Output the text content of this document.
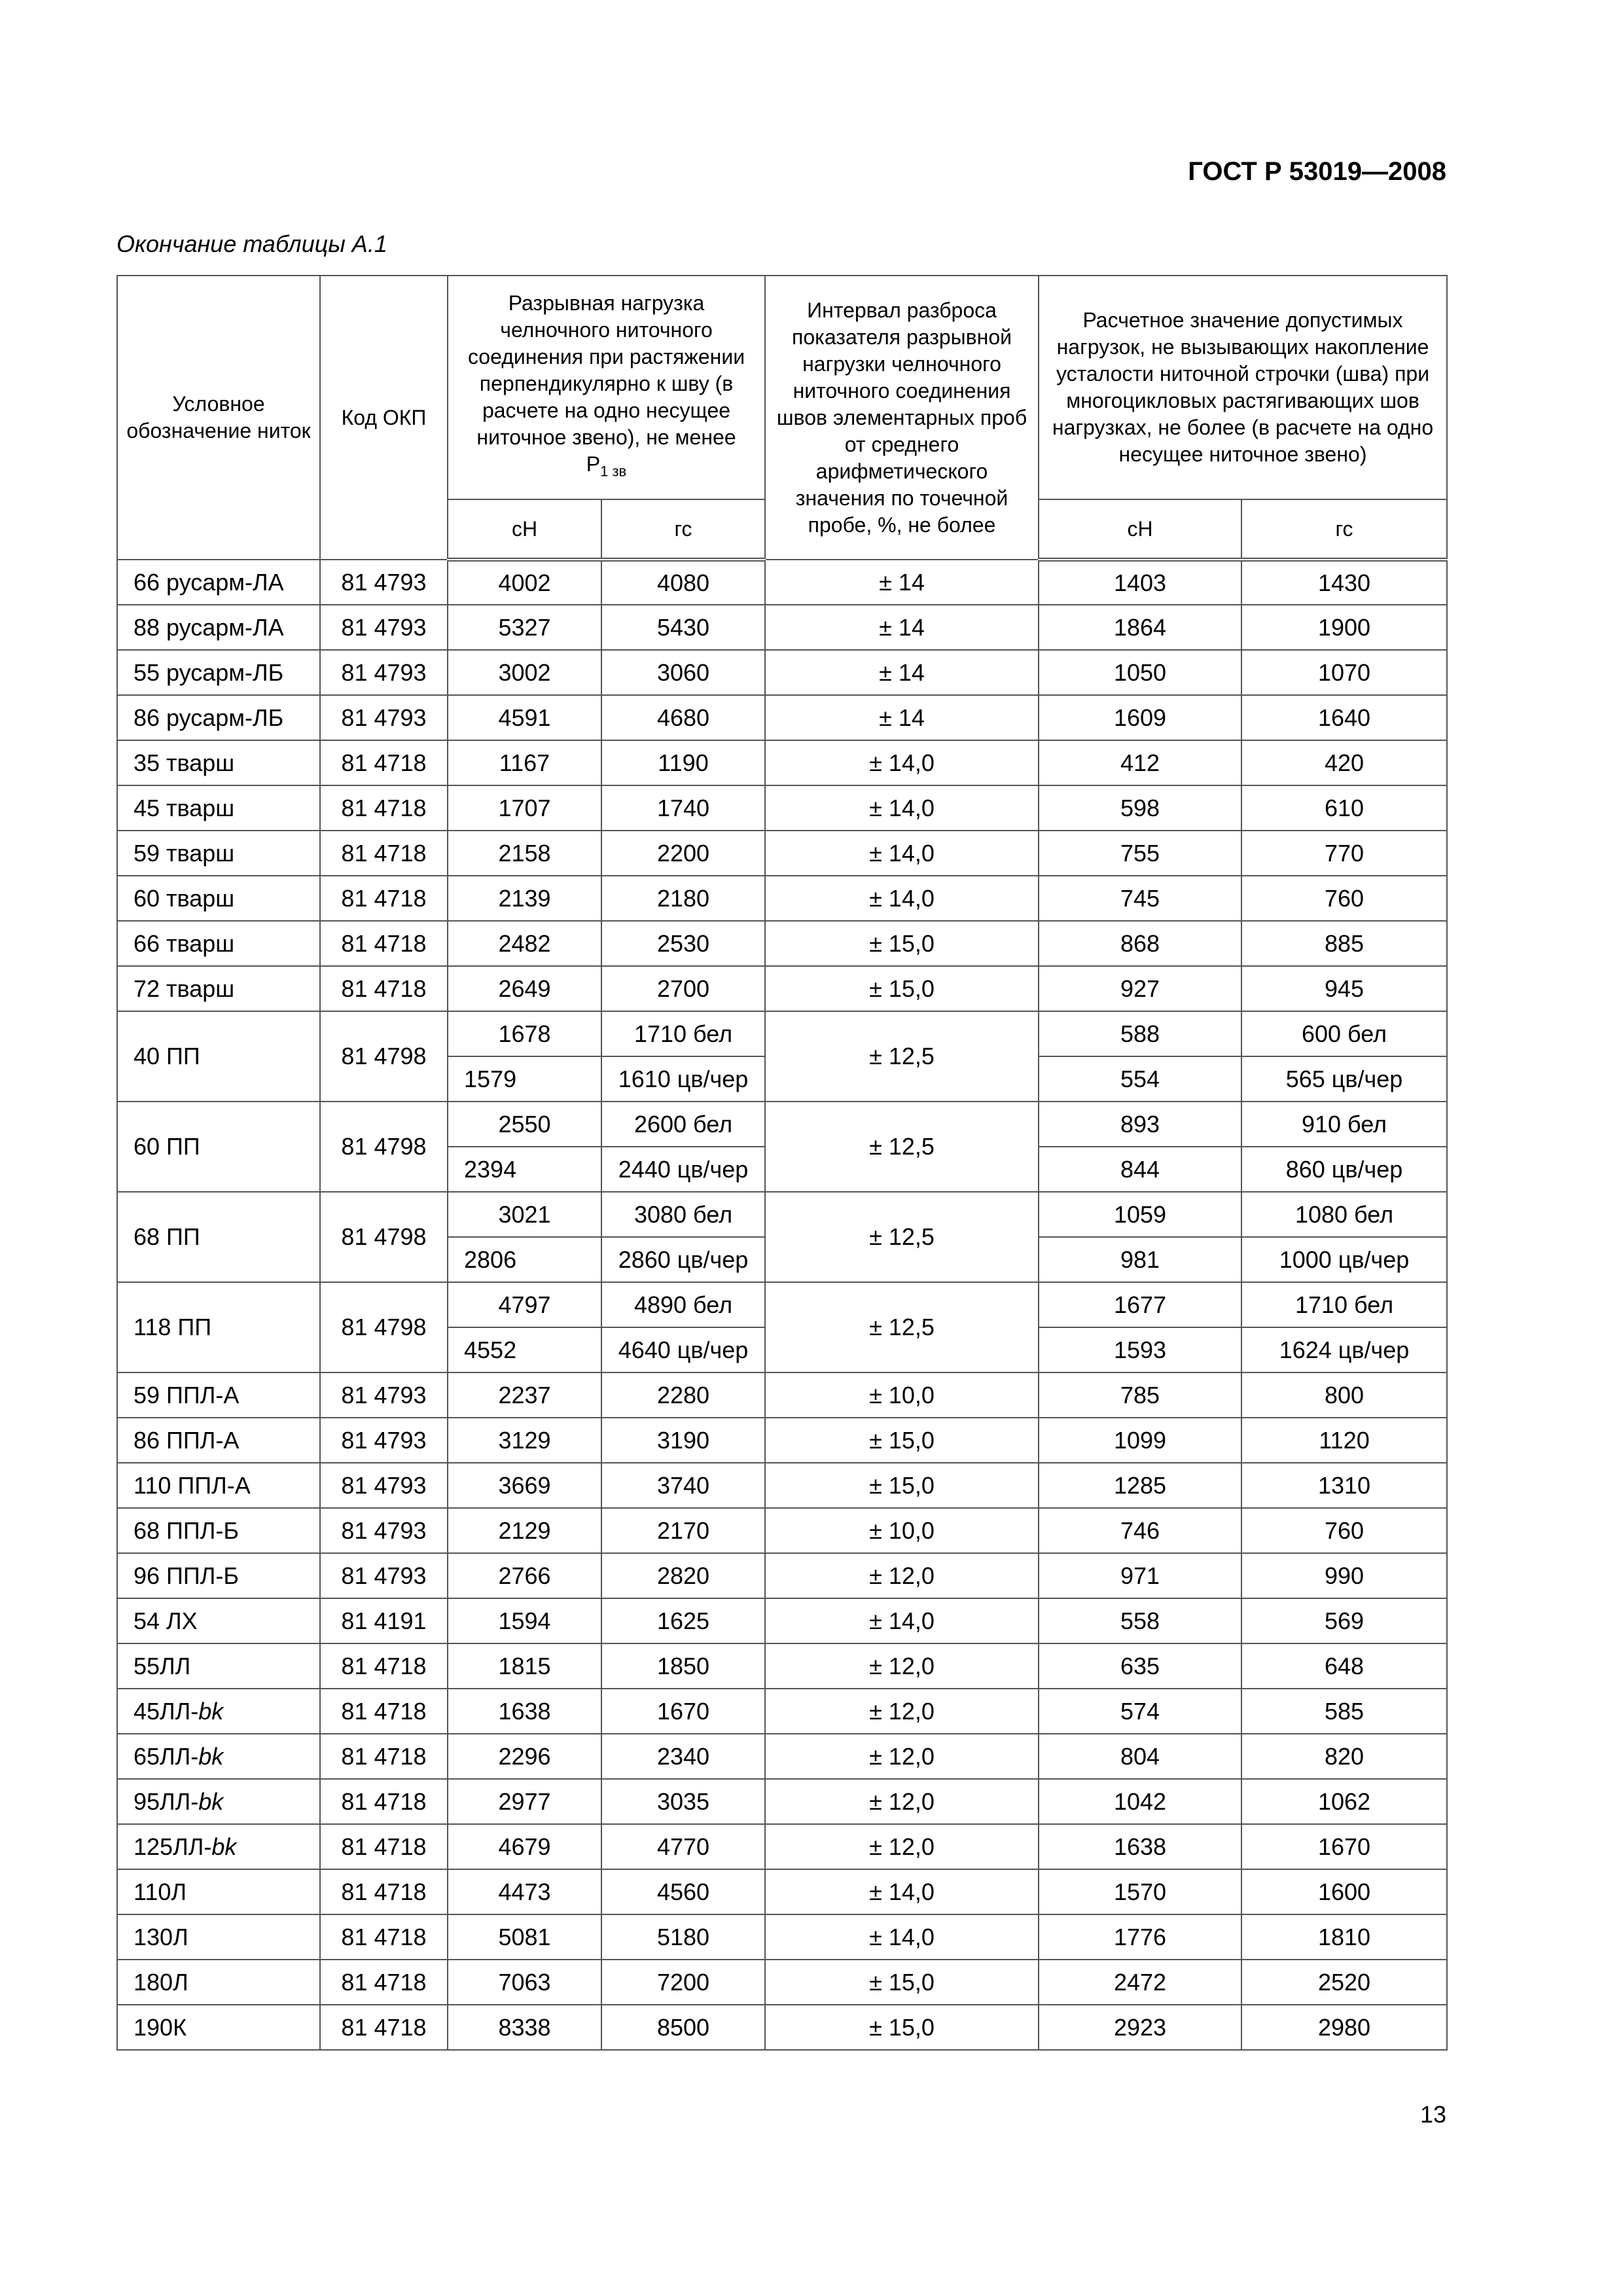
ГОСТ Р 53019—2008
Окончание таблицы А.1
Условное обозначение ниток	Код ОКП	Разрывная нагрузка челночного ниточного соединения при растяжении перпендикулярно к шву (в расчете на одно несущее ниточное звено), не менее
$Р_{1 зв}$		Интервал разброса показателя разрывной нагрузки челночного ниточного соединения швов элементарных проб от среднего арифметического значения по точечной пробе, %, не более	Расчетное значение допустимых нагрузок, не вызывающих накопление усталости ниточной строчки (шва) при многоцикловых растягивающих шов нагрузках, не более (в расчете на одно несущее ниточное звено)	
		сН	гс		сН	гс
66 русарм-ЛА	81 4793	4002	4080	± 14	1403	1430
88 русарм-ЛА	81 4793	5327	5430	± 14	1864	1900
55 русарм-ЛБ	81 4793	3002	3060	± 14	1050	1070
86 русарм-ЛБ	81 4793	4591	4680	± 14	1609	1640
35 тварш	81 4718	1167	1190	± 14,0	412	420
45 тварш	81 4718	1707	1740	± 14,0	598	610
59 тварш	81 4718	2158	2200	± 14,0	755	770
60 тварш	81 4718	2139	2180	± 14,0	745	760
66 тварш	81 4718	2482	2530	± 15,0	868	885
72 тварш	81 4718	2649	2700	± 15,0	927	945
40 ПП	81 4798	1678	1710 бел	± 12,5	588	600 бел
		1579	1610 цв/чер		554	565 цв/чер
60 ПП	81 4798	2550	2600 бел	± 12,5	893	910 бел
		2394	2440 цв/чер		844	860 цв/чер
68 ПП	81 4798	3021	3080 бел	± 12,5	1059	1080 бел
		2806	2860 цв/чер		981	1000 цв/чер
118 ПП	81 4798	4797	4890 бел	± 12,5	1677	1710 бел
		4552	4640 цв/чер		1593	1624 цв/чер
59 ППЛ-А	81 4793	2237	2280	± 10,0	785	800
86 ППЛ-А	81 4793	3129	3190	± 15,0	1099	1120
110 ППЛ-А	81 4793	3669	3740	± 15,0	1285	1310
68 ППЛ-Б	81 4793	2129	2170	± 10,0	746	760
96 ППЛ-Б	81 4793	2766	2820	± 12,0	971	990
54 ЛХ	81 4191	1594	1625	± 14,0	558	569
55ЛЛ	81 4718	1815	1850	± 12,0	635	648
45ЛЛ-bk	81 4718	1638	1670	± 12,0	574	585
65ЛЛ-bk	81 4718	2296	2340	± 12,0	804	820
95ЛЛ-bk	81 4718	2977	3035	± 12,0	1042	1062
125ЛЛ-bk	81 4718	4679	4770	± 12,0	1638	1670
110Л	81 4718	4473	4560	± 14,0	1570	1600
130Л	81 4718	5081	5180	± 14,0	1776	1810
180Л	81 4718	7063	7200	± 15,0	2472	2520
190К	81 4718	8338	8500	± 15,0	2923	2980
13
